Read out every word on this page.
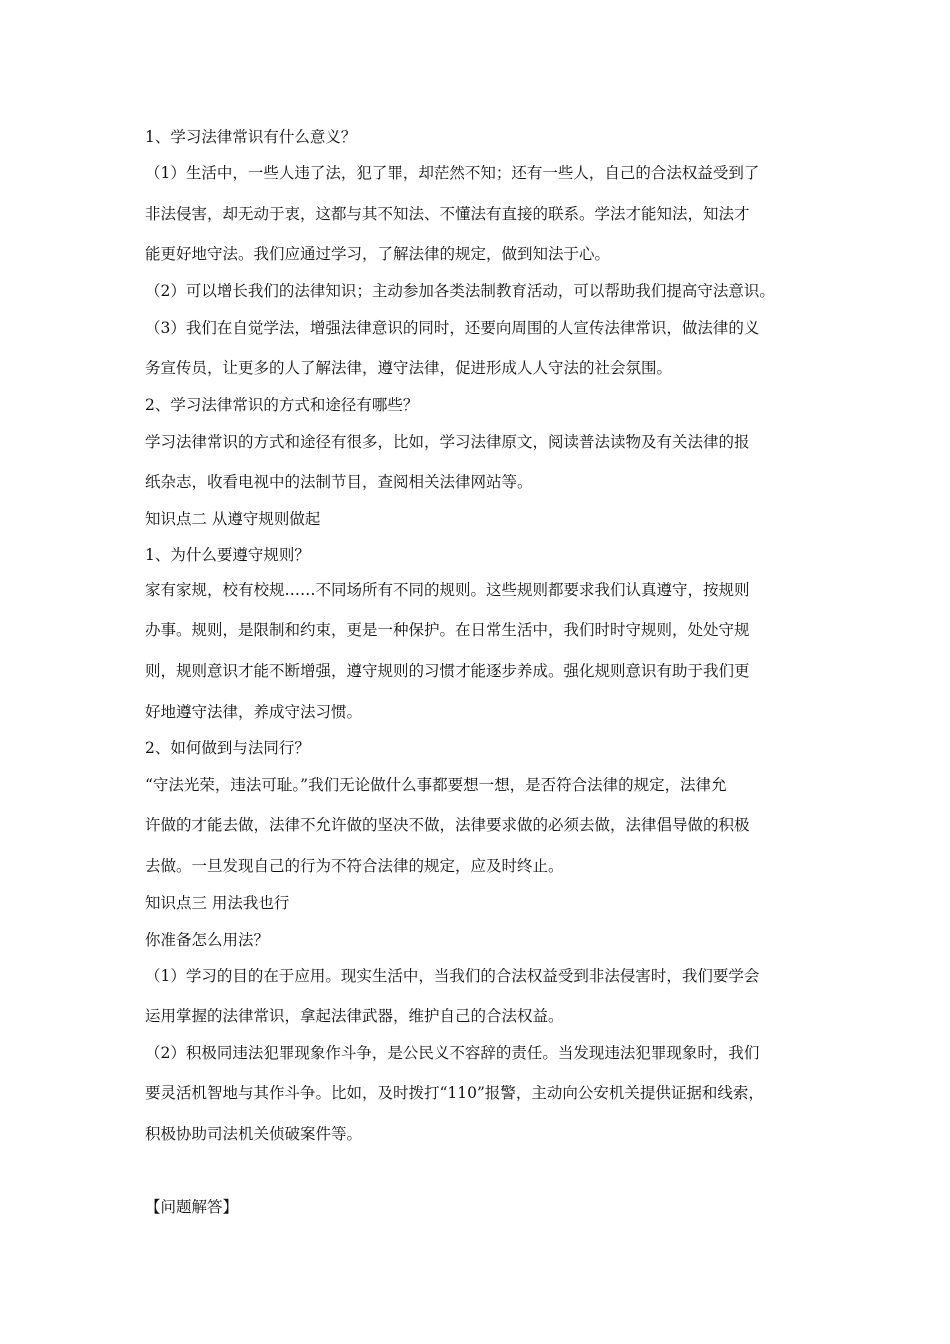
1、学习法律常识有什么意义？
（1）生活中，一些人违了法，犯了罪，却茫然不知；还有一些人，自己的合法权益受到了
非法侵害，却无动于衷，这都与其不知法、不懂法有直接的联系。学法才能知法，知法才
能更好地守法。我们应通过学习，了解法律的规定，做到知法于心。
（2）可以增长我们的法律知识；主动参加各类法制教育活动，可以帮助我们提高守法意识。
（3）我们在自觉学法，增强法律意识的同时，还要向周围的人宣传法律常识，做法律的义
务宣传员，让更多的人了解法律，遵守法律，促进形成人人守法的社会氛围。
2、学习法律常识的方式和途径有哪些？
学习法律常识的方式和途径有很多，比如，学习法律原文，阅读普法读物及有关法律的报
纸杂志，收看电视中的法制节目，查阅相关法律网站等。
知识点二 从遵守规则做起
1、为什么要遵守规则？
家有家规，校有校规……不同场所有不同的规则。这些规则都要求我们认真遵守，按规则
办事。规则，是限制和约束，更是一种保护。在日常生活中，我们时时守规则，处处守规
则，规则意识才能不断增强，遵守规则的习惯才能逐步养成。强化规则意识有助于我们更
好地遵守法律，养成守法习惯。
2、如何做到与法同行？
“守法光荣，违法可耻。”我们无论做什么事都要想一想，是否符合法律的规定，法律允
许做的才能去做，法律不允许做的坚决不做，法律要求做的必须去做，法律倡导做的积极
去做。一旦发现自己的行为不符合法律的规定，应及时终止。
知识点三 用法我也行
你准备怎么用法？
（1）学习的目的在于应用。现实生活中，当我们的合法权益受到非法侵害时，我们要学会
运用掌握的法律常识，拿起法律武器，维护自己的合法权益。
（2）积极同违法犯罪现象作斗争，是公民义不容辞的责任。当发现违法犯罪现象时，我们
要灵活机智地与其作斗争。比如，及时拨打“110”报警，主动向公安机关提供证据和线索，
积极协助司法机关侦破案件等。
【问题解答】
